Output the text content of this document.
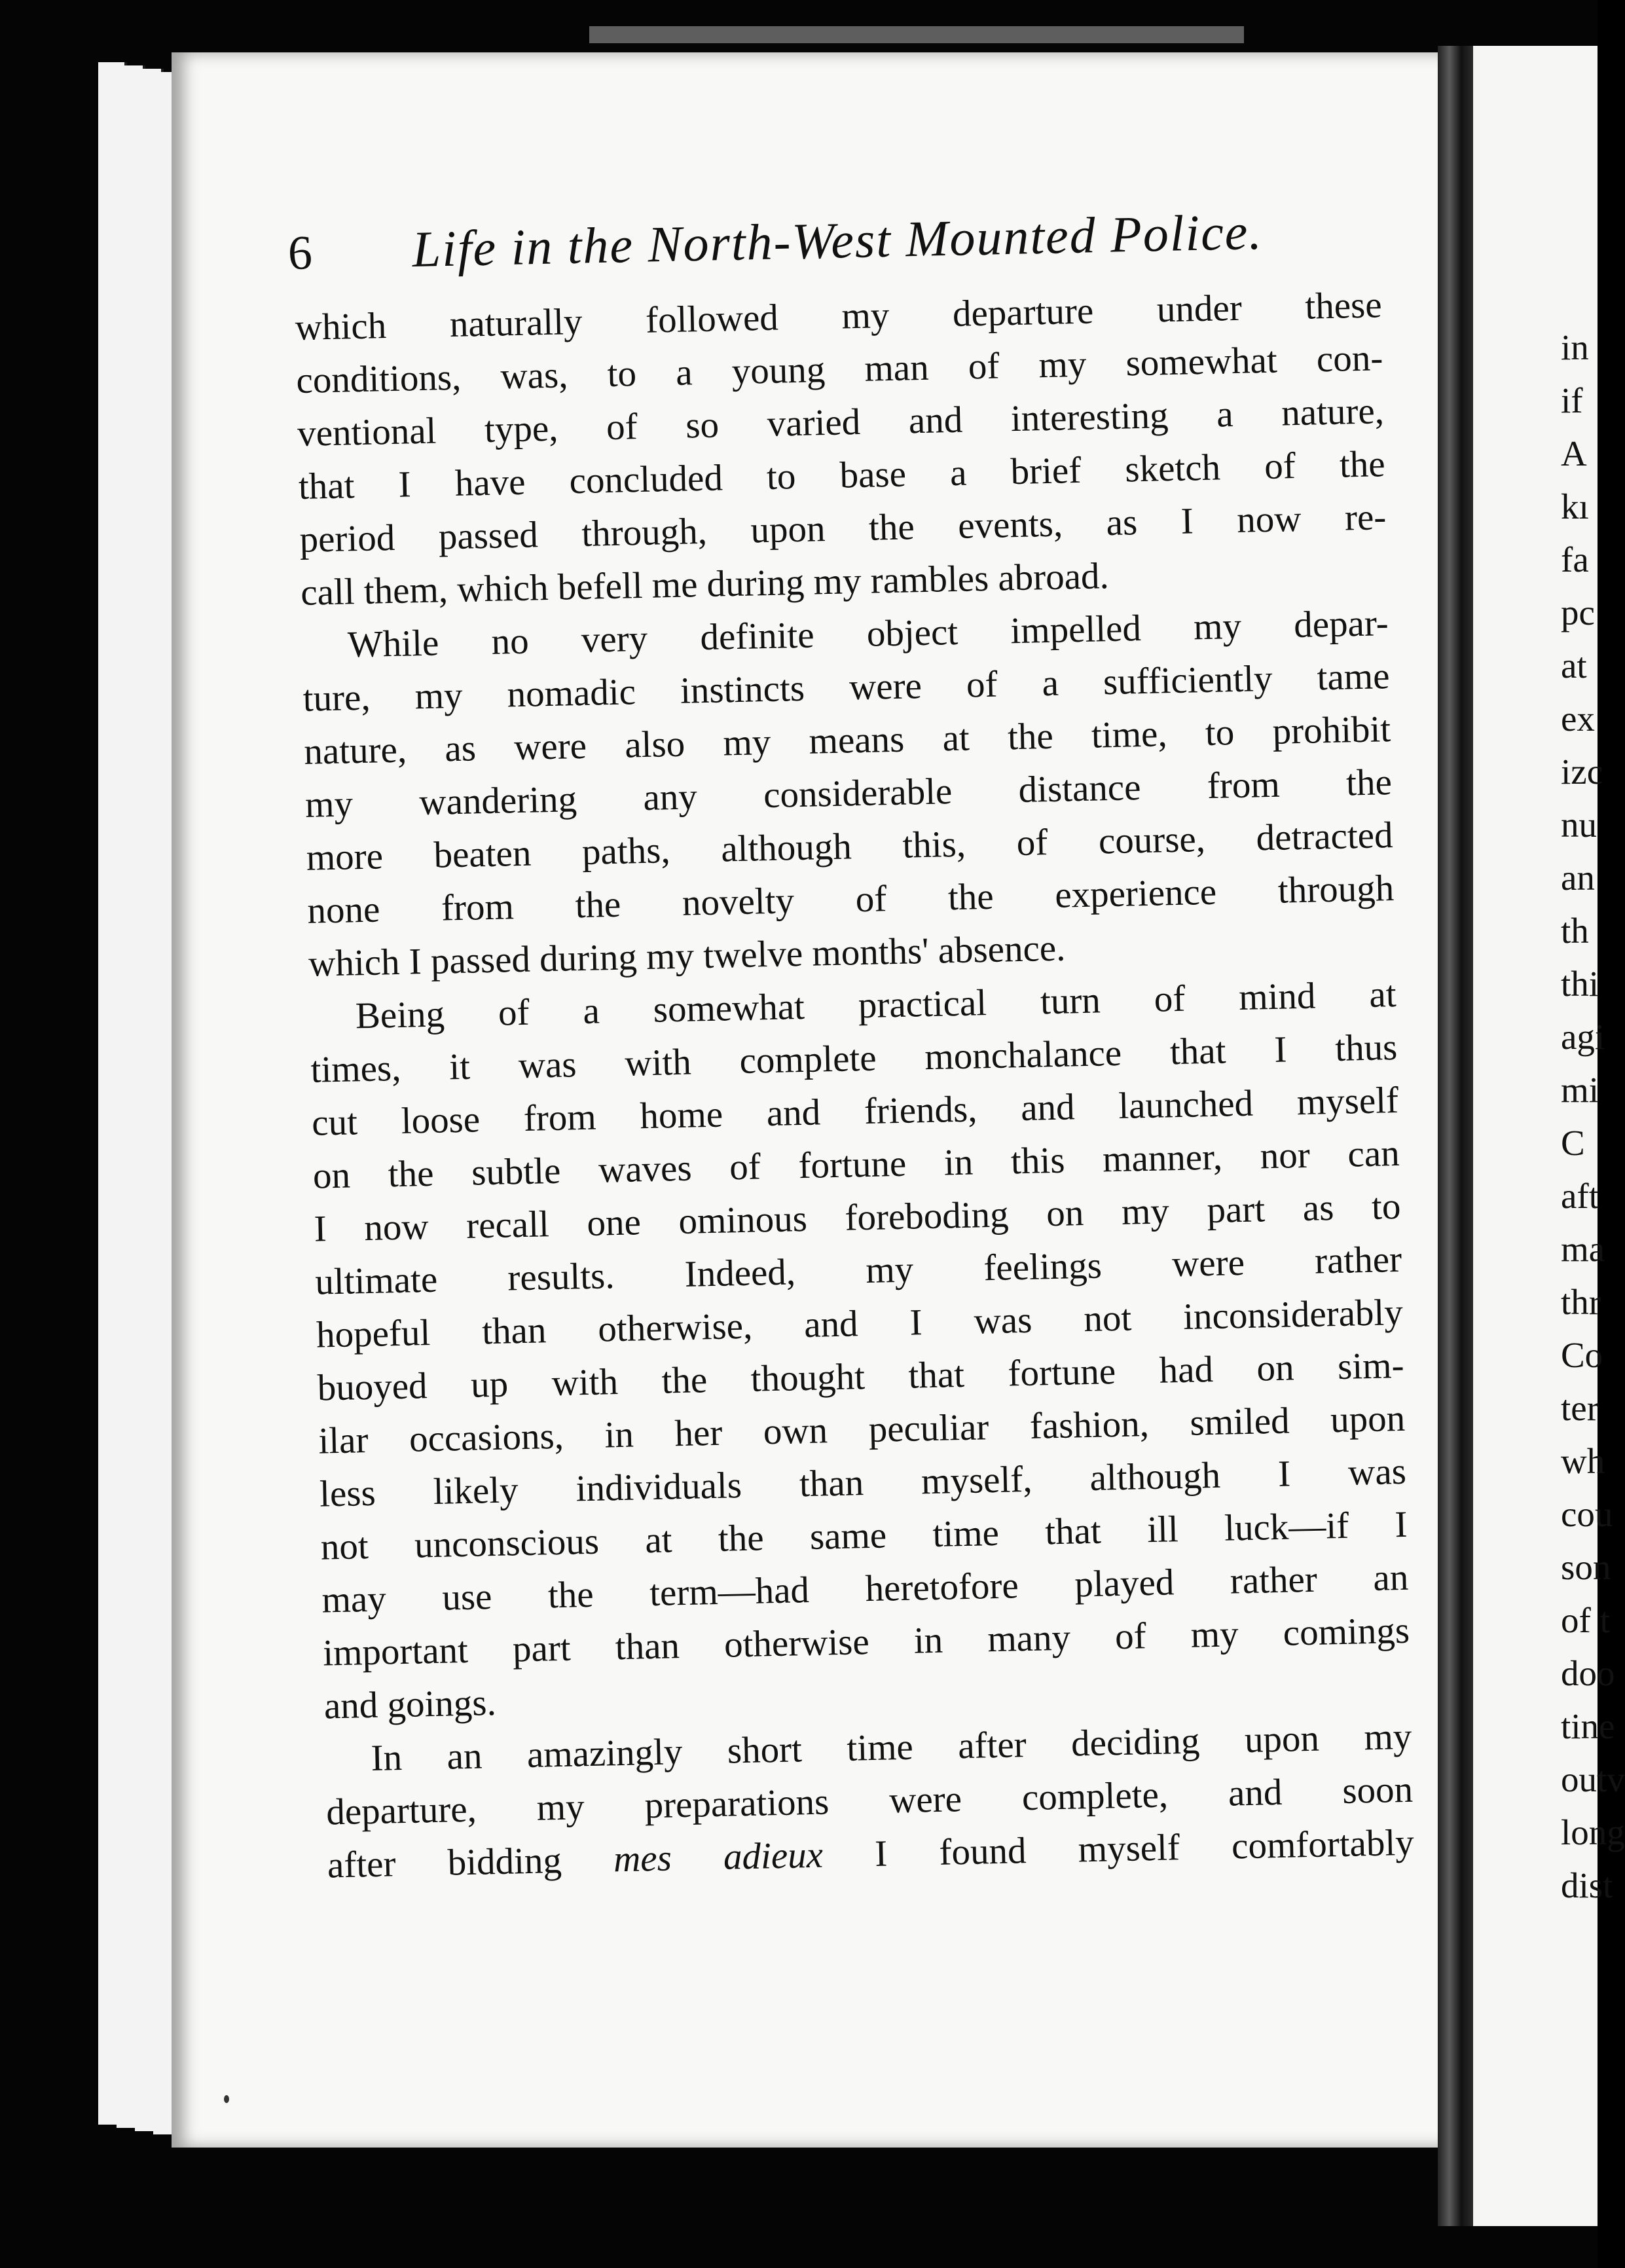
6	Life in the North-West Mounted Police.
which naturally followed my departure under these
conditions, was, to a young man of my somewhat con-
ventional type, of so varied and interesting a nature,
that I have concluded to base a brief sketch of the
period passed through, upon the events, as I now re-
call them, which befell me during my rambles abroad.
While no very definite object impelled my depar-
ture, my nomadic instincts were of a sufficiently tame
nature, as were also my means at the time, to prohibit
my wandering any considerable distance from the
more beaten paths, although this, of course, detracted
none from the novelty of the experience through
which I passed during my twelve months' absence.
Being of a somewhat practical turn of mind at
times, it was with complete monchalance that I thus
cut loose from home and friends, and launched myself
on the subtle waves of fortune in this manner, nor can
I now recall one ominous foreboding on my part as to
ultimate results. Indeed, my feelings were rather
hopeful than otherwise, and I was not inconsiderably
buoyed up with the thought that fortune had on sim-
ilar occasions, in her own peculiar fashion, smiled upon
less likely individuals than myself, although I was
not unconscious at the same time that ill luck—if I
may use the term—had heretofore played rather an
important part than otherwise in many of my comings
and goings.
In an amazingly short time after deciding upon my
departure, my preparations were complete, and soon
after bidding mes adieux I found myself comfortably
in
if
A
kı
fa
pc
at
ex
izc
nu
an
th
thi
agi
mi
C
aft
ma
thr
Co
ter
wh
cou
son
of t
doo
tine
outv
long
dist
